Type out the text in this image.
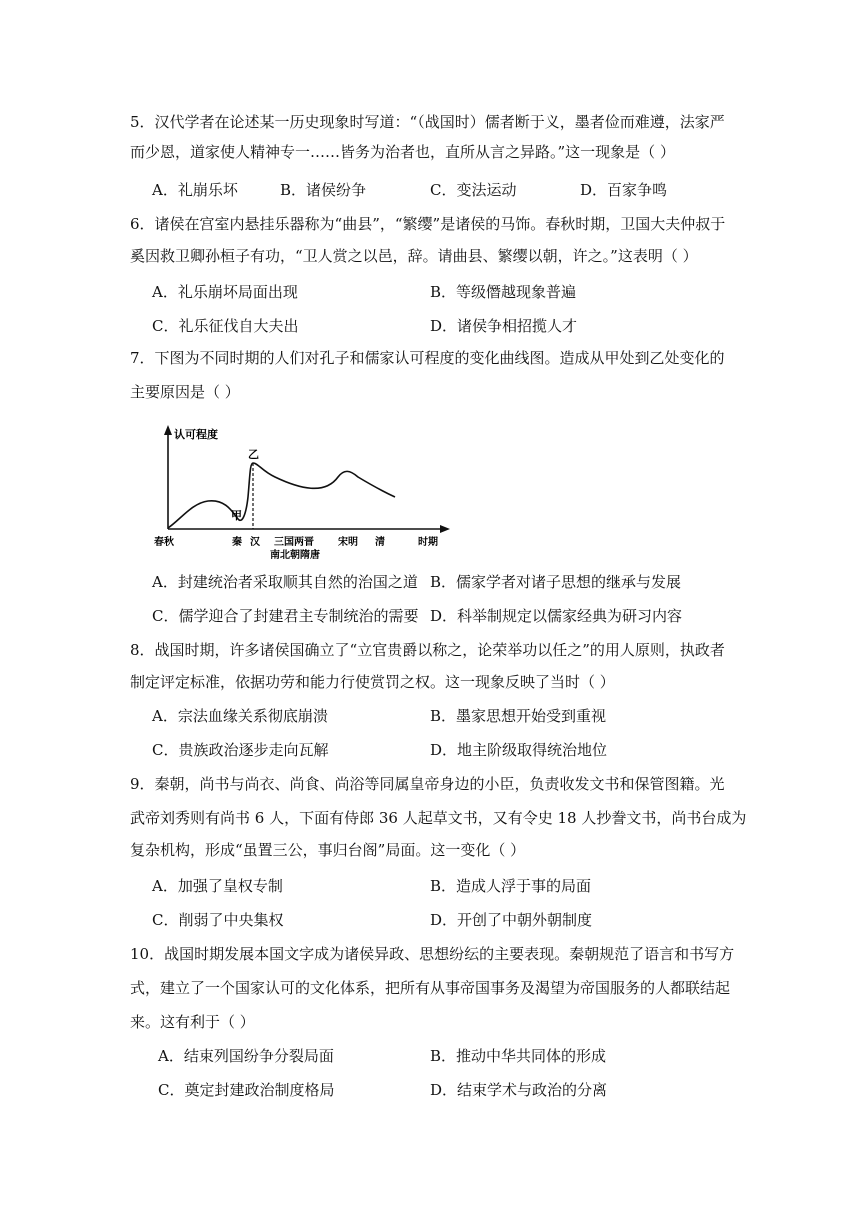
5．汉代学者在论述某一历史现象时写道：“（战国时）儒者断于义，墨者俭而难遵，法家严
而少恩，道家使人精神专一……皆务为治者也，直所从言之异路。”这一现象是（ ）
A．礼崩乐坏	B．诸侯纷争	C．变法运动	D．百家争鸣
6．诸侯在宫室内悬挂乐器称为“曲县”，“繁缨”是诸侯的马饰。春秋时期，卫国大夫仲叔于
奚因救卫卿孙桓子有功，“卫人赏之以邑，辞。请曲县、繁缨以朝，许之。”这表明（ ）
A．礼乐崩坏局面出现	B．等级僭越现象普遍
C．礼乐征伐自大夫出	D．诸侯争相招揽人才
7．下图为不同时期的人们对孔子和儒家认可程度的变化曲线图。造成从甲处到乙处变化的
主要原因是（ ）
认可程度
甲
乙
春秋	秦 汉 三国两晋
南北朝隋唐
宋明 清	时期
A．封建统治者采取顺其自然的治国之道 B．儒家学者对诸子思想的继承与发展
C．儒学迎合了封建君主专制统治的需要 D．科举制规定以儒家经典为研习内容
8．战国时期，许多诸侯国确立了“立官贵爵以称之，论荣举功以任之”的用人原则，执政者
制定评定标准，依据功劳和能力行使赏罚之权。这一现象反映了当时（ ）
A．宗法血缘关系彻底崩溃	B．墨家思想开始受到重视
C．贵族政治逐步走向瓦解	D．地主阶级取得统治地位
9．秦朝，尚书与尚衣、尚食、尚浴等同属皇帝身边的小臣，负责收发文书和保管图籍。光
武帝刘秀则有尚书 6 人，下面有侍郎 36 人起草文书，又有令史 18 人抄誊文书，尚书台成为
复杂机构，形成“虽置三公，事归台阁”局面。这一变化（ ）
A．加强了皇权专制	B．造成人浮于事的局面
C．削弱了中央集权	D．开创了中朝外朝制度
10．战国时期发展本国文字成为诸侯异政、思想纷纭的主要表现。秦朝规范了语言和书写方
式，建立了一个国家认可的文化体系，把所有从事帝国事务及渴望为帝国服务的人都联结起
来。这有利于（ ）
A．结束列国纷争分裂局面	B．推动中华共同体的形成
C．奠定封建政治制度格局	D．结束学术与政治的分离
